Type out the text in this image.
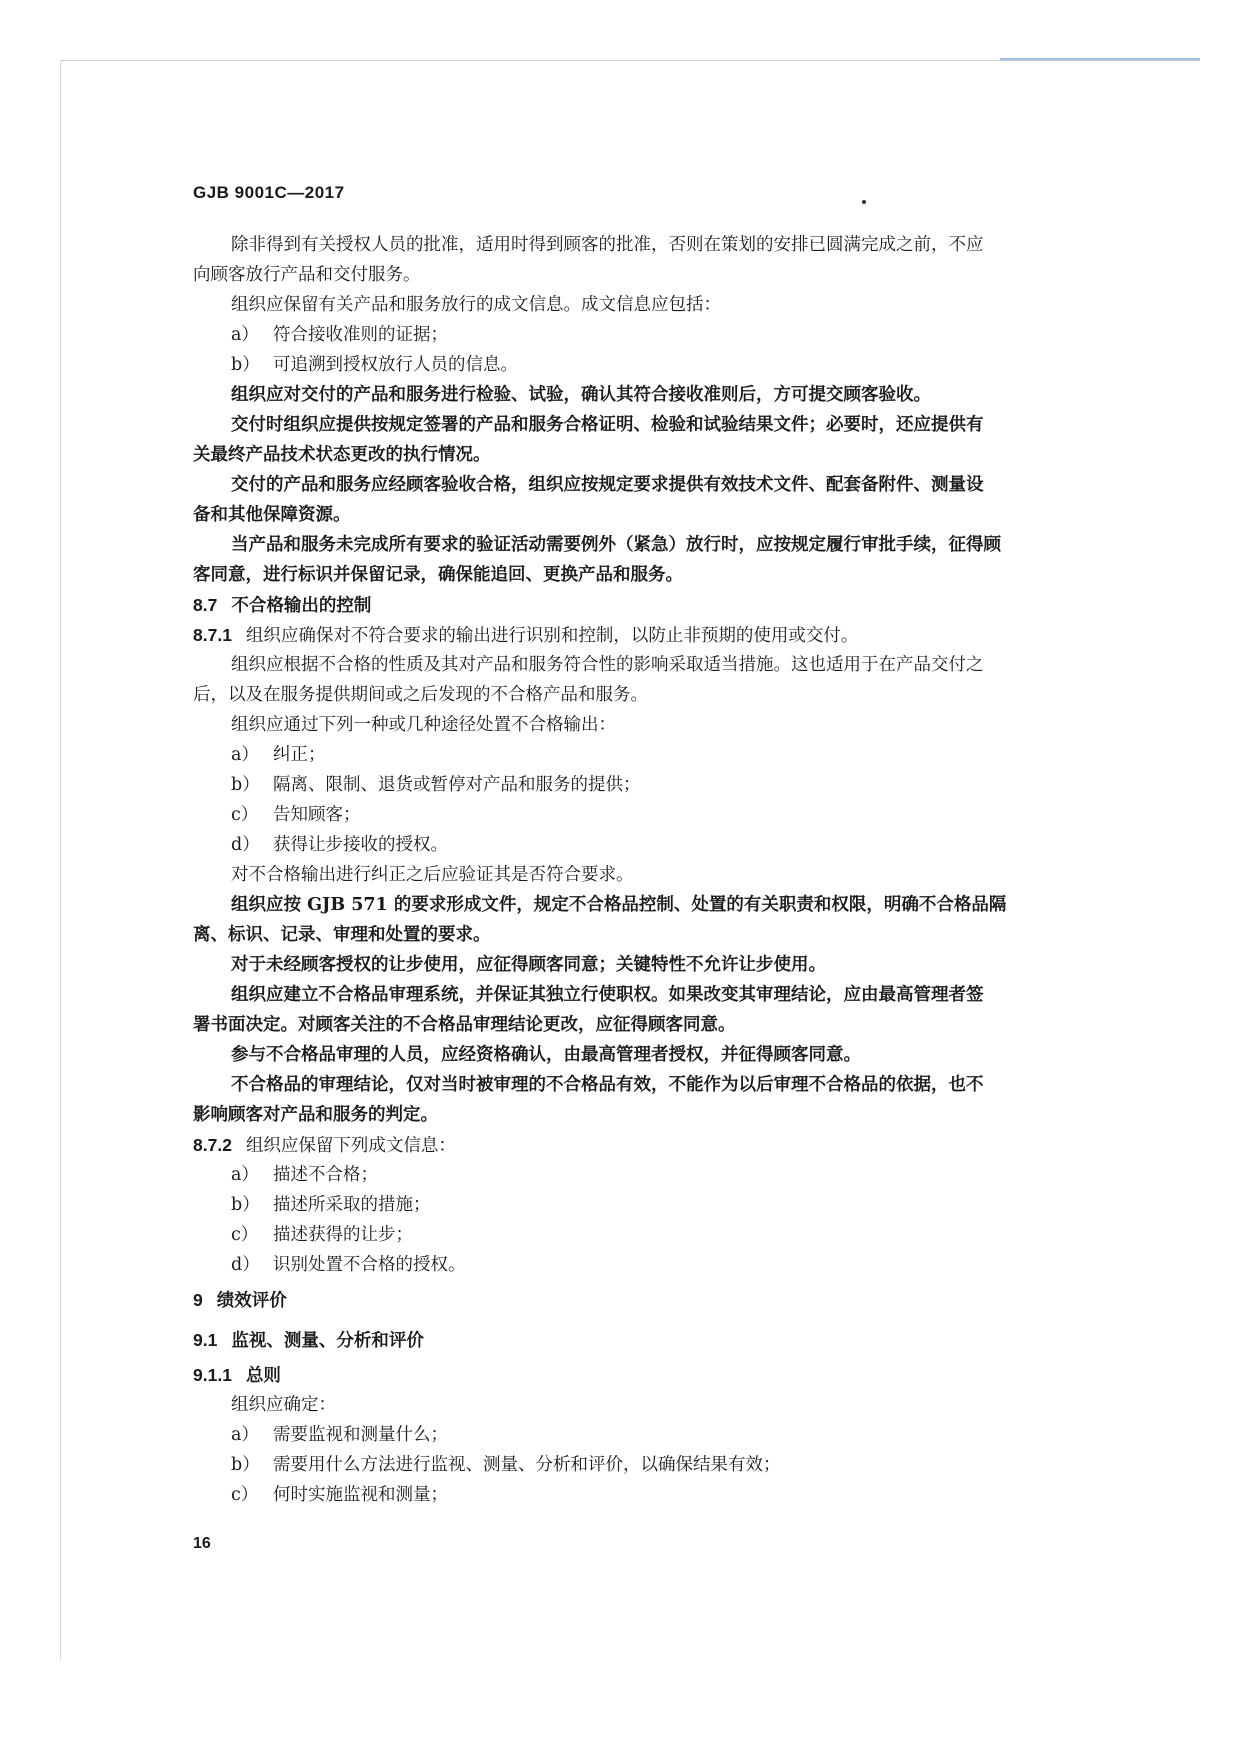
GJB 9001C—2017
除非得到有关授权人员的批准，适用时得到顾客的批准，否则在策划的安排已圆满完成之前，不应
向顾客放行产品和交付服务。
组织应保留有关产品和服务放行的成文信息。成文信息应包括：
a） 符合接收准则的证据；
b） 可追溯到授权放行人员的信息。
组织应对交付的产品和服务进行检验、试验，确认其符合接收准则后，方可提交顾客验收。
交付时组织应提供按规定签署的产品和服务合格证明、检验和试验结果文件；必要时，还应提供有
关最终产品技术状态更改的执行情况。
交付的产品和服务应经顾客验收合格，组织应按规定要求提供有效技术文件、配套备附件、测量设
备和其他保障资源。
当产品和服务未完成所有要求的验证活动需要例外（紧急）放行时，应按规定履行审批手续，征得顾
客同意，进行标识并保留记录，确保能追回、更换产品和服务。
8.7 不合格输出的控制
8.7.1 组织应确保对不符合要求的输出进行识别和控制，以防止非预期的使用或交付。
组织应根据不合格的性质及其对产品和服务符合性的影响采取适当措施。这也适用于在产品交付之
后，以及在服务提供期间或之后发现的不合格产品和服务。
组织应通过下列一种或几种途径处置不合格输出：
a） 纠正；
b） 隔离、限制、退货或暂停对产品和服务的提供；
c） 告知顾客；
d） 获得让步接收的授权。
对不合格输出进行纠正之后应验证其是否符合要求。
组织应按 GJB 571 的要求形成文件，规定不合格品控制、处置的有关职责和权限，明确不合格品隔
离、标识、记录、审理和处置的要求。
对于未经顾客授权的让步使用，应征得顾客同意；关键特性不允许让步使用。
组织应建立不合格品审理系统，并保证其独立行使职权。如果改变其审理结论，应由最高管理者签
署书面决定。对顾客关注的不合格品审理结论更改，应征得顾客同意。
参与不合格品审理的人员，应经资格确认，由最高管理者授权，并征得顾客同意。
不合格品的审理结论，仅对当时被审理的不合格品有效，不能作为以后审理不合格品的依据，也不
影响顾客对产品和服务的判定。
8.7.2 组织应保留下列成文信息：
a） 描述不合格；
b） 描述所采取的措施；
c） 描述获得的让步；
d） 识别处置不合格的授权。
9 绩效评价
9.1 监视、测量、分析和评价
9.1.1 总则
组织应确定：
a） 需要监视和测量什么；
b） 需要用什么方法进行监视、测量、分析和评价，以确保结果有效；
c） 何时实施监视和测量；
16
